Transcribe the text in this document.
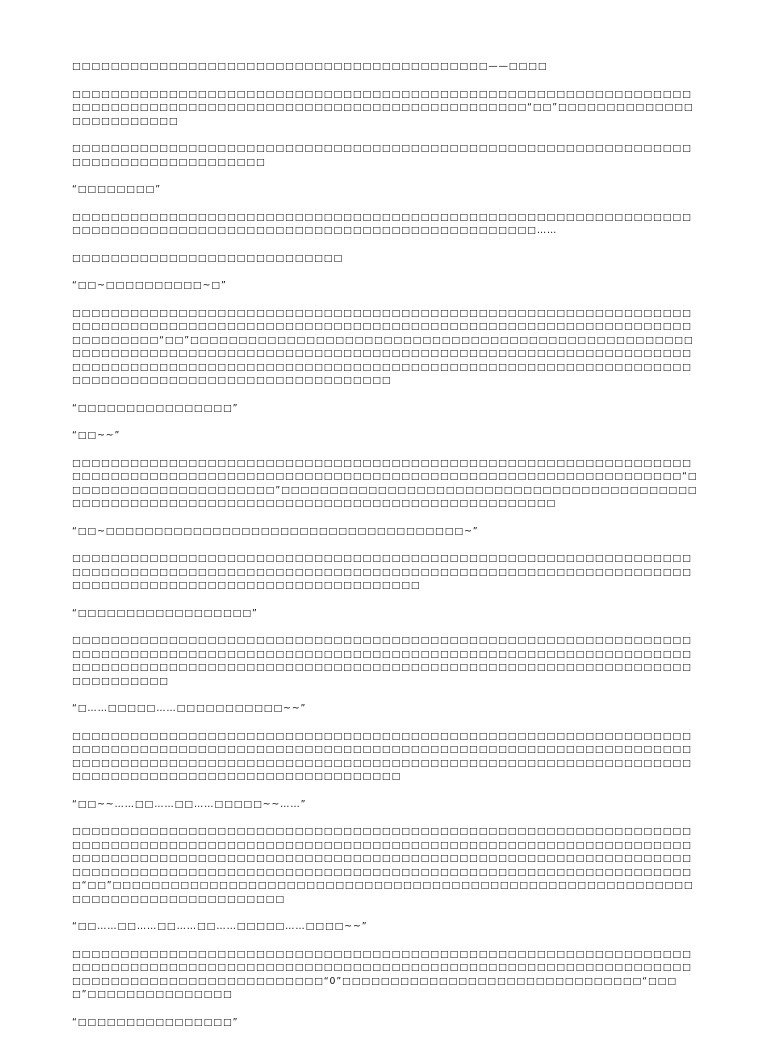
□□□□□□□□□□□□□□□□□□□□□□□□□□□□□□□□□□□□□□□□□□□——□□□□

□□□□□□□□□□□□□□□□□□□□□□□□□□□□□□□□□□□□□□□□□□□□□□□□□□□□□□□□□□□□□□□□□□□□□□□□□□□□□□□□□□□□□□□□□□□□□□□□□□□□□□□□□□□□□□□“□□”□□□□□□□□□□□□□□□□□□□□□□□□□

□□□□□□□□□□□□□□□□□□□□□□□□□□□□□□□□□□□□□□□□□□□□□□□□□□□□□□□□□□□□□□□□□□□□□□□□□□□□□□□□□□□□

“□□□□□□□□”

□□□□□□□□□□□□□□□□□□□□□□□□□□□□□□□□□□□□□□□□□□□□□□□□□□□□□□□□□□□□□□□□□□□□□□□□□□□□□□□□□□□□□□□□□□□□□□□□□□□□□□□□□□□□□□□□……

□□□□□□□□□□□□□□□□□□□□□□□□□□□□

“□□~□□□□□□□□□□~□”

□□□□□□□□□□□□□□□□□□□□□□□□□□□□□□□□□□□□□□□□□□□□□□□□□□□□□□□□□□□□□□□□□□□□□□□□□□□□□□□□□□□□□□□□□□□□□□□□□□□□□□□□□□□□□□□□□□□□□□□□□□□□□□□□□□□□□□□□□“□□”□□□□□□□□□□□□□□□□□□□□□□□□□□□□□□□□□□□□□□□□□□□□□□□□□□□□□□□□□□□□□□□□□□□□□□□□□□□□□□□□□□□□□□□□□□□□□□□□□□□□□□□□□□□□□□□□□□□□□□□□□□□□□□□□□□□□□□□□□□□□□□□□□□□□□□□□□□□□□□□□□□□□□□□□□□□□□□□□□□□□□□□□□□□□□□□□□□□□□□□□□□□□□□□□□□□□□

“□□□□□□□□□□□□□□□□”

“□□~~”

□□□□□□□□□□□□□□□□□□□□□□□□□□□□□□□□□□□□□□□□□□□□□□□□□□□□□□□□□□□□□□□□□□□□□□□□□□□□□□□□□□□□□□□□□□□□□□□□□□□□□□□□□□□□□□□□□□□□□□□□□□□□□□□“□□□□□□□□□□□□□□□□□□□□□□”□□□□□□□□□□□□□□□□□□□□□□□□□□□□□□□□□□□□□□□□□□□□□□□□□□□□□□□□□□□□□□□□□□□□□□□□□□□□□□□□□□□□□□□□□□□□□

“□□~□□□□□□□□□□□□□□□□□□□□□□□□□□□□□□□□□□□□□~”

□□□□□□□□□□□□□□□□□□□□□□□□□□□□□□□□□□□□□□□□□□□□□□□□□□□□□□□□□□□□□□□□□□□□□□□□□□□□□□□□□□□□□□□□□□□□□□□□□□□□□□□□□□□□□□□□□□□□□□□□□□□□□□□□□□□□□□□□□□□□□□□□□□□□□□□□□□□□□□□□□□□□

“□□□□□□□□□□□□□□□□□□”

□□□□□□□□□□□□□□□□□□□□□□□□□□□□□□□□□□□□□□□□□□□□□□□□□□□□□□□□□□□□□□□□□□□□□□□□□□□□□□□□□□□□□□□□□□□□□□□□□□□□□□□□□□□□□□□□□□□□□□□□□□□□□□□□□□□□□□□□□□□□□□□□□□□□□□□□□□□□□□□□□□□□□□□□□□□□□□□□□□□□□□□□□□□□□□□□□□□□□□□□□□

“□……□□□□□……□□□□□□□□□□□~~”

□□□□□□□□□□□□□□□□□□□□□□□□□□□□□□□□□□□□□□□□□□□□□□□□□□□□□□□□□□□□□□□□□□□□□□□□□□□□□□□□□□□□□□□□□□□□□□□□□□□□□□□□□□□□□□□□□□□□□□□□□□□□□□□□□□□□□□□□□□□□□□□□□□□□□□□□□□□□□□□□□□□□□□□□□□□□□□□□□□□□□□□□□□□□□□□□□□□□□□□□□□□□□□□□□□□□□□□□□□□□□□□□□□

“□□~~……□□……□□……□□□□□~~……”

□□□□□□□□□□□□□□□□□□□□□□□□□□□□□□□□□□□□□□□□□□□□□□□□□□□□□□□□□□□□□□□□□□□□□□□□□□□□□□□□□□□□□□□□□□□□□□□□□□□□□□□□□□□□□□□□□□□□□□□□□□□□□□□□□□□□□□□□□□□□□□□□□□□□□□□□□□□□□□□□□□□□□□□□□□□□□□□□□□□□□□□□□□□□□□□□□□□□□□□□□□□□□□□□□□□□□□□□□□□□□□□□□□□□□□□□□□□□□□□□□□□□□□□□□□□□□□□□□“□□”□□□□□□□□□□□□□□□□□□□□□□□□□□□□□□□□□□□□□□□□□□□□□□□□□□□□□□□□□□□□□□□□□□□□□□□□□□□□□□□□□□

“□□……□□……□□……□□……□□□□□……□□□□~~”

□□□□□□□□□□□□□□□□□□□□□□□□□□□□□□□□□□□□□□□□□□□□□□□□□□□□□□□□□□□□□□□□□□□□□□□□□□□□□□□□□□□□□□□□□□□□□□□□□□□□□□□□□□□□□□□□□□□□□□□□□□□□□□□□□□□□□□□□□□□□□□□□□□□□□□□□□□“0”□□□□□□□□□□□□□□□□□□□□□□□□□□□□□□□“□□□□”□□□□□□□□□□□□□□□

“□□□□□□□□□□□□□□□□”
